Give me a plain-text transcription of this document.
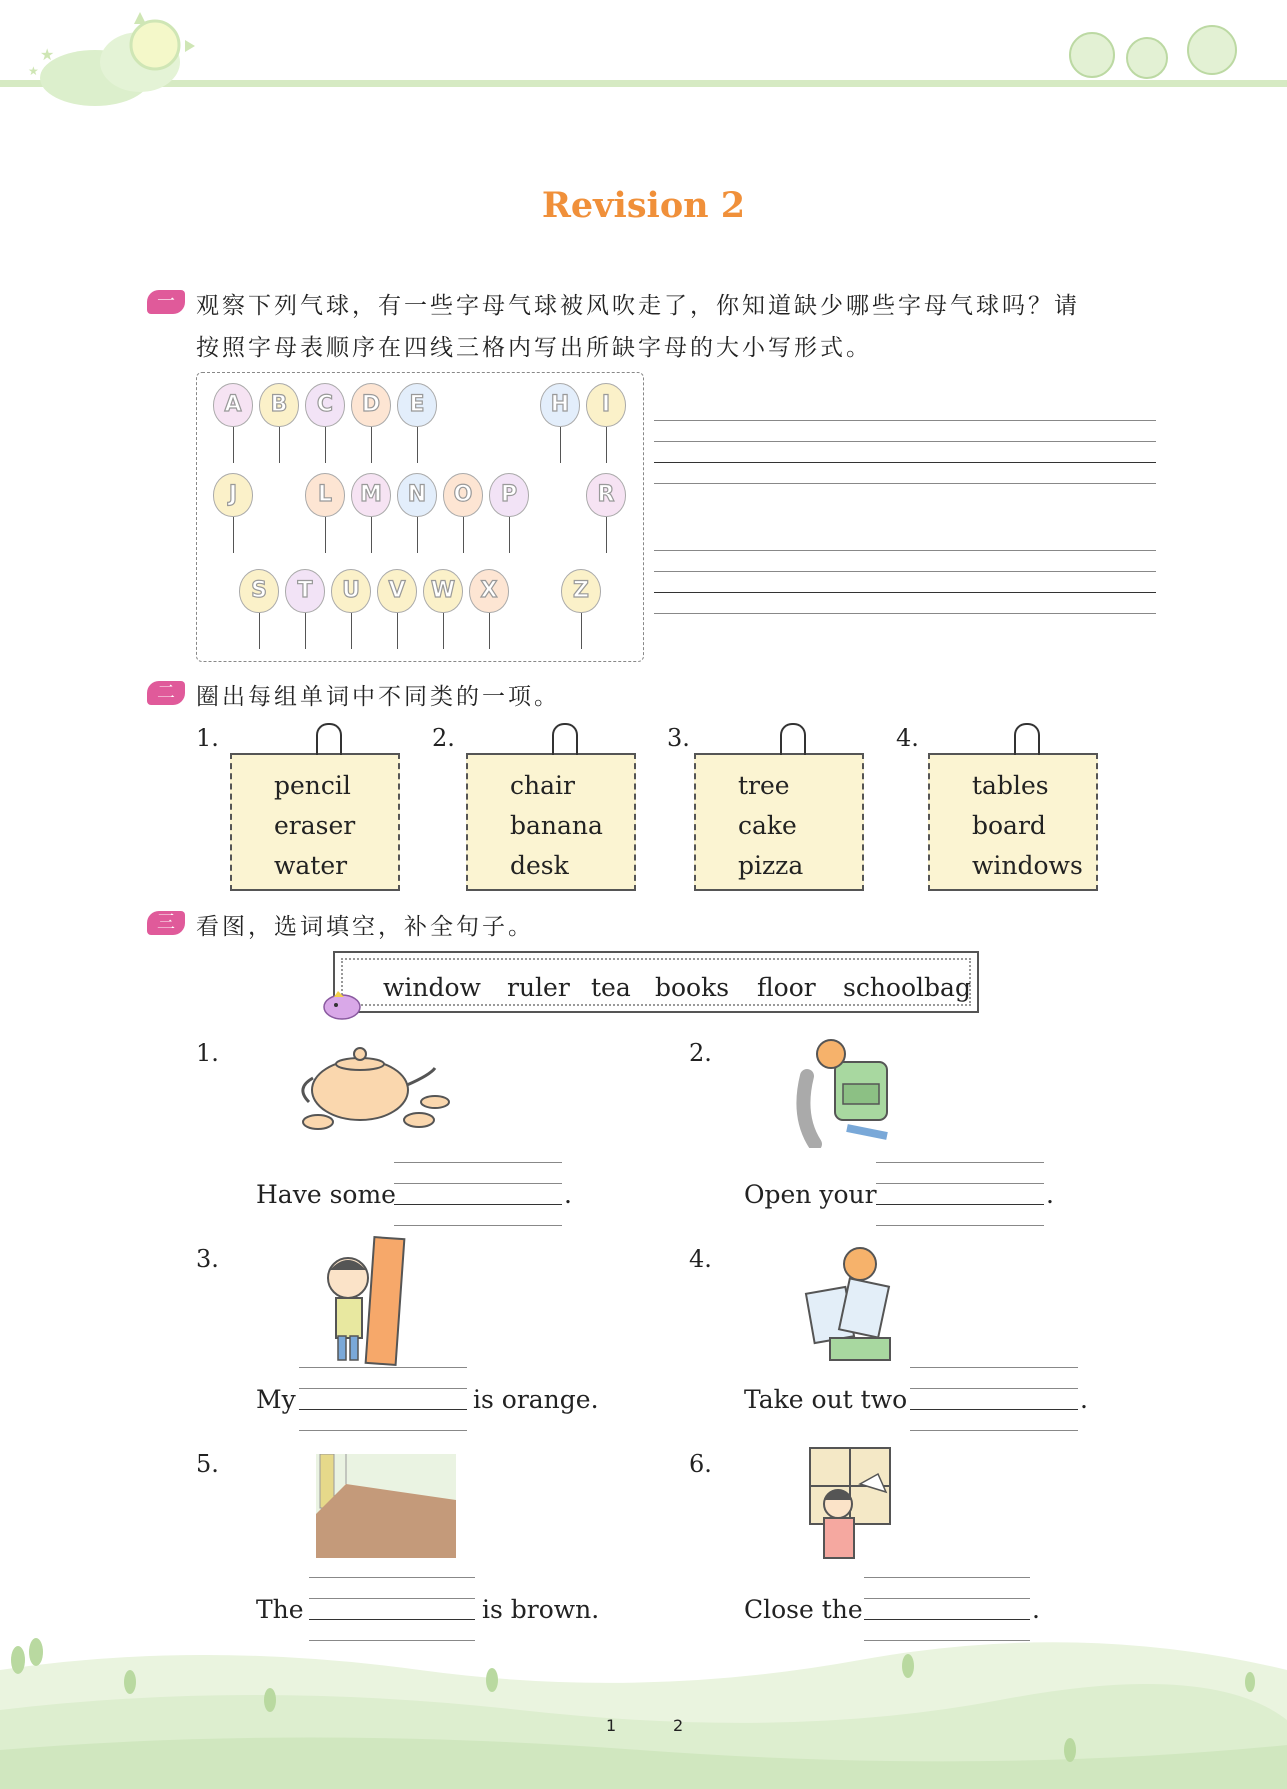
★
★
Revision 2
一 观察下列气球，有一些字母气球被风吹走了，你知道缺少哪些字母气球吗？请
按照字母表顺序在四线三格内写出所缺字母的大小写形式。
A	B	C	D	E	H	I
J	L	M	N	O	P	R
S	T	U	V	W	X	Z
二 圈出每组单词中不同类的一项。
1.	2.	3.	4.
pencil
eraser
water
chair
banana
desk
tree
cake
pizza
tables
board
windows
三 看图，选词填空，补全句子。
window ruler tea books floor schoolbag
1.	2.
3.	4.
5.	6.
Have some	.	Open your	.
My	is orange.	Take out two	.
The	is brown.	Close the	.
1	2
